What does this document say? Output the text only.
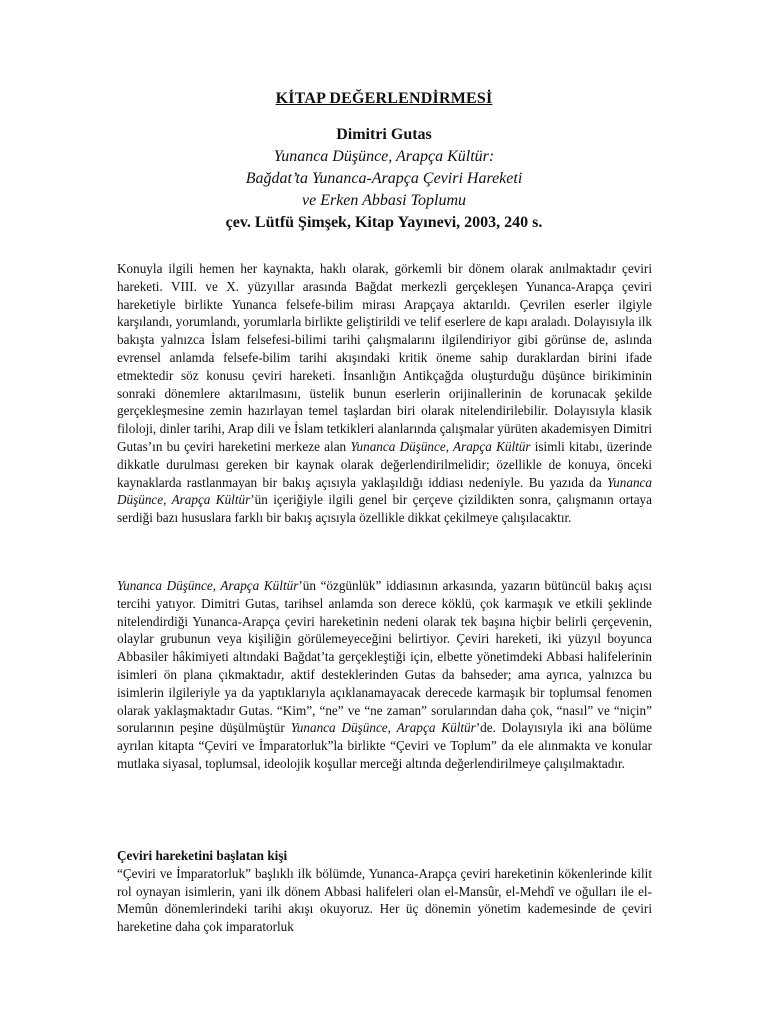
KİTAP DEĞERLENDİRMESİ
Dimitri Gutas
Yunanca Düşünce, Arapça Kültür:
Bağdat’ta Yunanca-Arapça Çeviri Hareketi
ve Erken Abbasi Toplumu
çev. Lütfü Şimşek, Kitap Yayınevi, 2003, 240 s.

Konuyla ilgili hemen her kaynakta, haklı olarak, görkemli bir dönem olarak anılmaktadır çeviri hareketi. VIII. ve X. yüzyıllar arasında Bağdat merkezli gerçekleşen Yunanca-Arapça çeviri hareketiyle birlikte Yunanca felsefe-bilim mirası Arapçaya aktarıldı. Çevrilen eserler ilgiyle karşılandı, yorumlandı, yorumlarla birlikte geliştirildi ve telif eserlere de kapı araladı. Dolayısıyla ilk bakışta yalnızca İslam felsefesi-bilimi tarihi çalışmalarını ilgilendiriyor gibi görünse de, aslında evrensel anlamda felsefe-bilim tarihi akışındaki kritik öneme sahip duraklardan birini ifade etmektedir söz konusu çeviri hareketi. İnsanlığın Antikçağda oluşturduğu düşünce birikiminin sonraki dönemlere aktarılmasını, üstelik bunun eserlerin orijinallerinin de korunacak şekilde gerçekleşmesine zemin hazırlayan temel taşlardan biri olarak nitelendirilebilir. Dolayısıyla klasik filoloji, dinler tarihi, Arap dili ve İslam tetkikleri alanlarında çalışmalar yürüten akademisyen Dimitri Gutas’ın bu çeviri hareketini merkeze alan Yunanca Düşünce, Arapça Kültür isimli kitabı, üzerinde dikkatle durulması gereken bir kaynak olarak değerlendirilmelidir; özellikle de konuya, önceki kaynaklarda rastlanmayan bir bakış açısıyla yaklaşıldığı iddiası nedeniyle. Bu yazıda da Yunanca Düşünce, Arapça Kültür’ün içeriğiyle ilgili genel bir çerçeve çizildikten sonra, çalışmanın ortaya serdiği bazı hususlara farklı bir bakış açısıyla özellikle dikkat çekilmeye çalışılacaktır.

Yunanca Düşünce, Arapça Kültür’ün “özgünlük” iddiasının arkasında, yazarın bütüncül bakış açısı tercihi yatıyor. Dimitri Gutas, tarihsel anlamda son derece köklü, çok karmaşık ve etkili şeklinde nitelendirdiği Yunanca-Arapça çeviri hareketinin nedeni olarak tek başına hiçbir belirli çerçevenin, olaylar grubunun veya kişiliğin görülemeyeceğini belirtiyor. Çeviri hareketi, iki yüzyıl boyunca Abbasiler hâkimiyeti altındaki Bağdat’ta gerçekleştiği için, elbette yönetimdeki Abbasi halifelerinin isimleri ön plana çıkmaktadır, aktif desteklerinden Gutas da bahseder; ama ayrıca, yalnızca bu isimlerin ilgileriyle ya da yaptıklarıyla açıklanamayacak derecede karmaşık bir toplumsal fenomen olarak yaklaşmaktadır Gutas. “Kim”, “ne” ve “ne zaman” sorularından daha çok, “nasıl” ve “niçin” sorularının peşine düşülmüştür Yunanca Düşünce, Arapça Kültür’de. Dolayısıyla iki ana bölüme ayrılan kitapta “Çeviri ve İmparatorluk”la birlikte “Çeviri ve Toplum” da ele alınmakta ve konular mutlaka siyasal, toplumsal, ideolojik koşullar merceği altında değerlendirilmeye çalışılmaktadır.

Çeviri hareketini başlatan kişi

“Çeviri ve İmparatorluk” başlıklı ilk bölümde, Yunanca-Arapça çeviri hareketinin kökenlerinde kilit rol oynayan isimlerin, yani ilk dönem Abbasi halifeleri olan el-Mansûr, el-Mehdî ve oğulları ile el-Memûn dönemlerindeki tarihi akışı okuyoruz. Her üç dönemin yönetim kademesinde de çeviri hareketine daha çok imparatorluk
